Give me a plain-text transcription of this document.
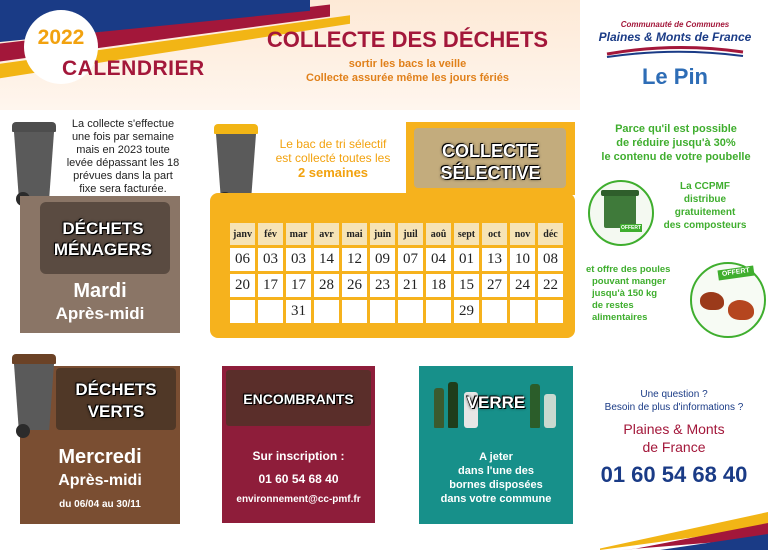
2022
CALENDRIER
COLLECTE DES DÉCHETS
sortir les bacs la veille
Collecte assurée même les jours fériés
Communauté de Communes
Plaines & Monts de France
Le Pin
La collecte s'effectue
une fois par semaine
mais en 2023 toute
levée dépassant les 18
prévues dans la part
fixe sera facturée.
DÉCHETS
MÉNAGERS
Mardi
Après-midi
Le bac de tri sélectif
est collecté toutes les
2 semaines
COLLECTE
SÉLECTIVE
janv	fév	mar	avr	mai	juin	juil	aoû	sept	oct	nov	déc
06	03	03	14	12	09	07	04	01	13	10	08
20	17	17	28	26	23	21	18	15	27	24	22
		31						29			
Parce qu'il est possible
de réduire jusqu'à 30%
le contenu de votre poubelle
OFFERT
La CCPMF
distribue
gratuitement
des composteurs
et offre des poules
pouvant manger
jusqu'à 150 kg
de restes
alimentaires
OFFERT
DÉCHETS
VERTS
Mercredi
Après-midi
du 06/04 au 30/11
ENCOMBRANTS
Sur inscription :
01 60 54 68 40
environnement@cc-pmf.fr
VERRE
A jeter
dans l'une des
bornes disposées
dans votre commune
Une question ?
Besoin de plus d'informations ?
Plaines & Monts
de France
01 60 54 68 40
